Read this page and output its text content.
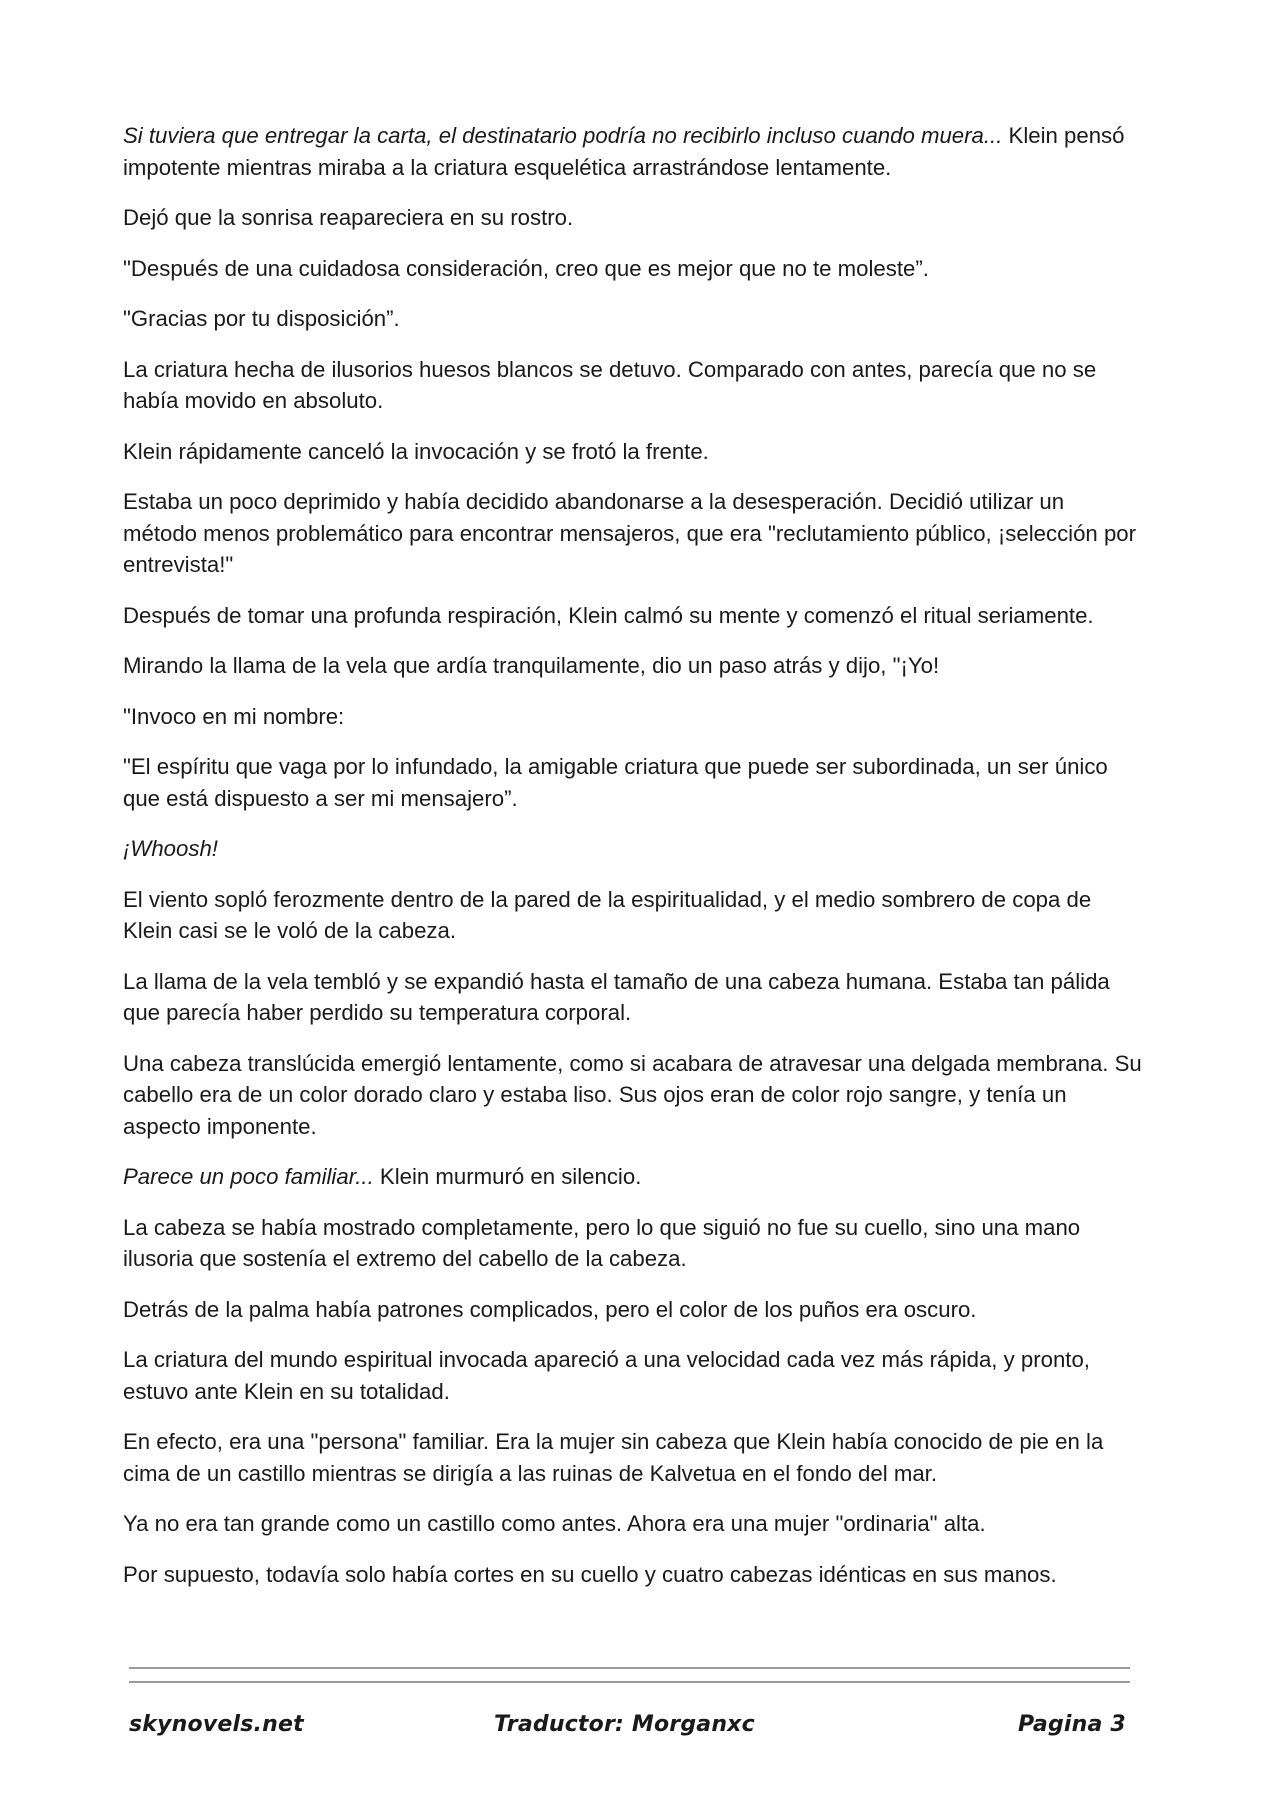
Si tuviera que entregar la carta, el destinatario podría no recibirlo incluso cuando muera... Klein pensó impotente mientras miraba a la criatura esquelética arrastrándose lentamente.

Dejó que la sonrisa reapareciera en su rostro.

"Después de una cuidadosa consideración, creo que es mejor que no te moleste”.

"Gracias por tu disposición”.

La criatura hecha de ilusorios huesos blancos se detuvo. Comparado con antes, parecía que no se había movido en absoluto.

Klein rápidamente canceló la invocación y se frotó la frente.

Estaba un poco deprimido y había decidido abandonarse a la desesperación. Decidió utilizar un método menos problemático para encontrar mensajeros, que era "reclutamiento público, ¡selección por entrevista!"

Después de tomar una profunda respiración, Klein calmó su mente y comenzó el ritual seriamente.

Mirando la llama de la vela que ardía tranquilamente, dio un paso atrás y dijo, "¡Yo!

"Invoco en mi nombre:

"El espíritu que vaga por lo infundado, la amigable criatura que puede ser subordinada, un ser único que está dispuesto a ser mi mensajero”.

¡Whoosh!

El viento sopló ferozmente dentro de la pared de la espiritualidad, y el medio sombrero de copa de Klein casi se le voló de la cabeza.

La llama de la vela tembló y se expandió hasta el tamaño de una cabeza humana. Estaba tan pálida que parecía haber perdido su temperatura corporal.

Una cabeza translúcida emergió lentamente, como si acabara de atravesar una delgada membrana. Su cabello era de un color dorado claro y estaba liso. Sus ojos eran de color rojo sangre, y tenía un aspecto imponente.

Parece un poco familiar... Klein murmuró en silencio.

La cabeza se había mostrado completamente, pero lo que siguió no fue su cuello, sino una mano ilusoria que sostenía el extremo del cabello de la cabeza.

Detrás de la palma había patrones complicados, pero el color de los puños era oscuro.

La criatura del mundo espiritual invocada apareció a una velocidad cada vez más rápida, y pronto, estuvo ante Klein en su totalidad.

En efecto, era una "persona" familiar. Era la mujer sin cabeza que Klein había conocido de pie en la cima de un castillo mientras se dirigía a las ruinas de Kalvetua en el fondo del mar.

Ya no era tan grande como un castillo como antes. Ahora era una mujer "ordinaria" alta.

Por supuesto, todavía solo había cortes en su cuello y cuatro cabezas idénticas en sus manos.

skynovels.net	Traductor: Morganxc	Pagina 3
